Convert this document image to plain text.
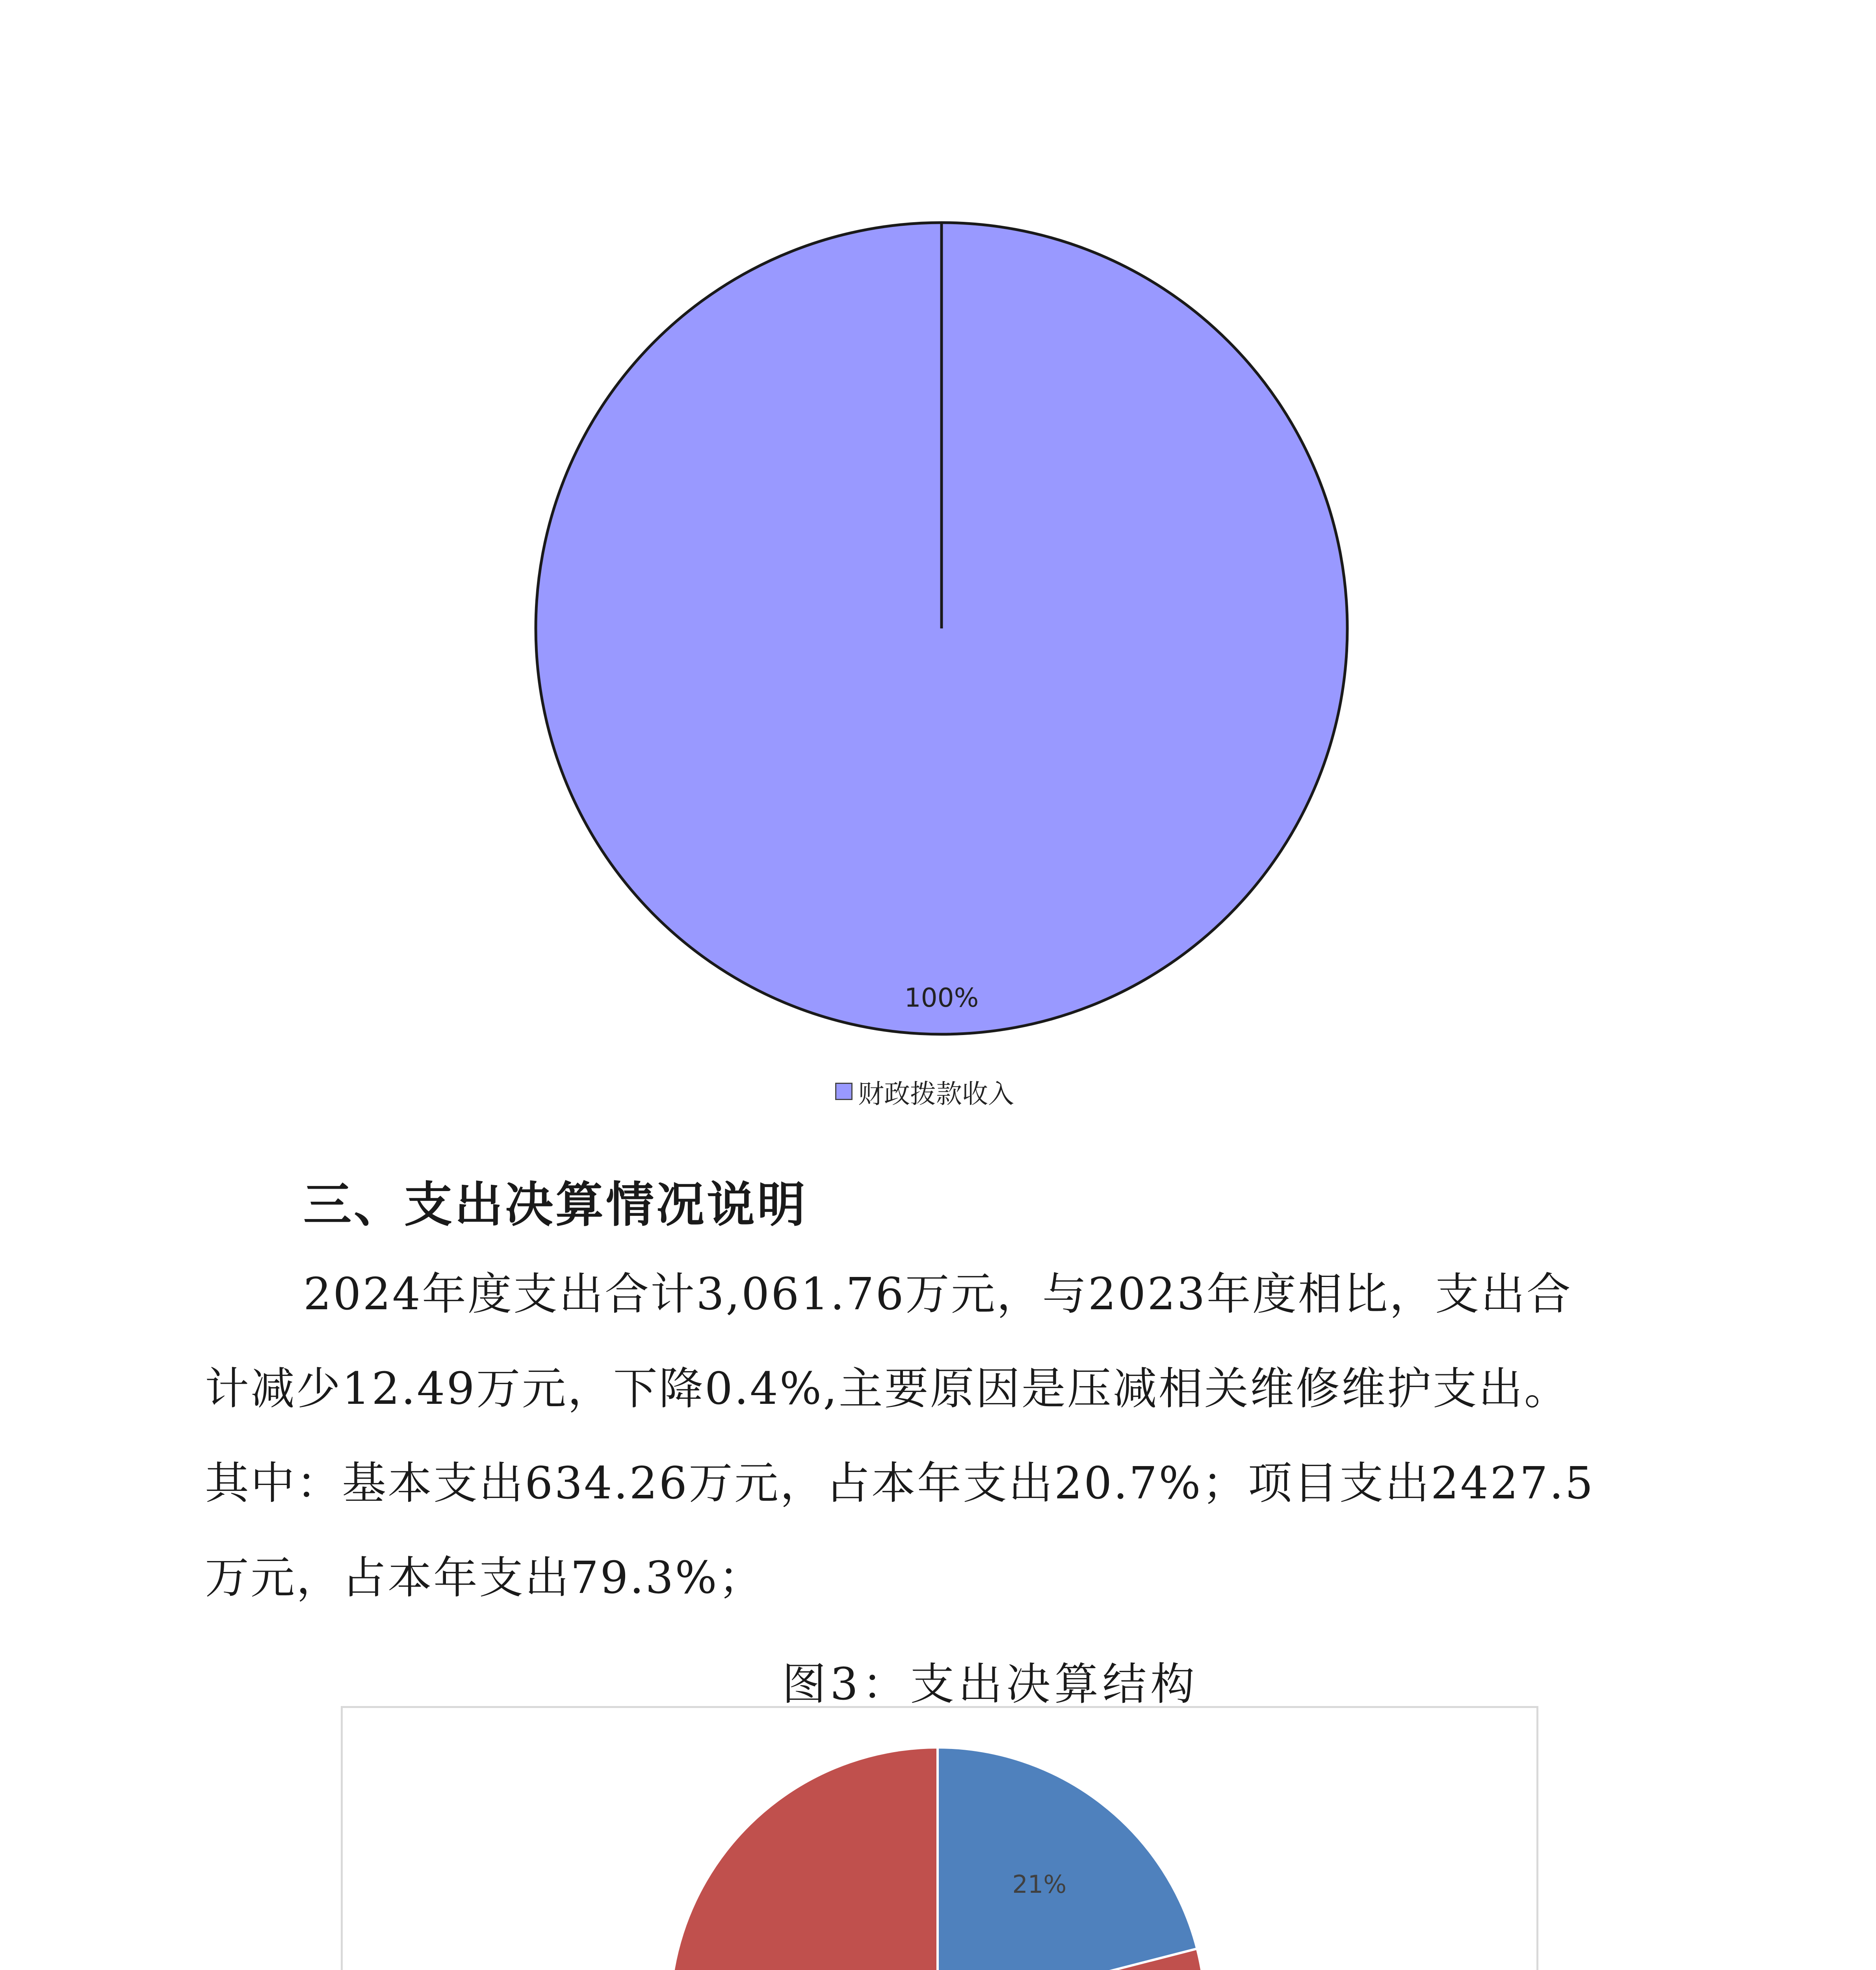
100%
财政拨款收入
三、支出决算情况说明
2024年度支出合计3,061.76万元，与2023年度相比，支出合
计减少12.49万元，下降0.4%,主要原因是压减相关维修维护支出。
其中：基本支出634.26万元，占本年支出20.7%；项目支出2427.5
万元，占本年支出79.3%；
图3：支出决算结构
21%
